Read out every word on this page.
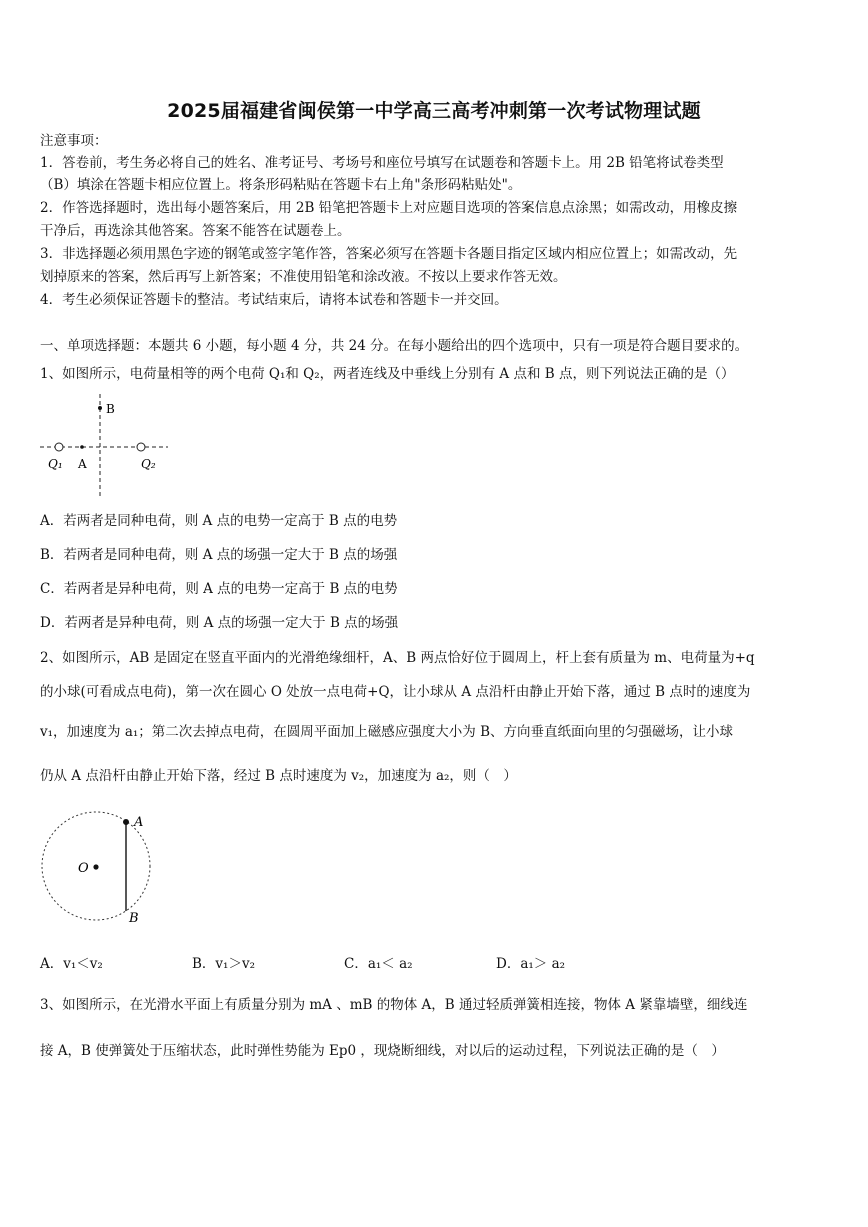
2025届福建省闽侯第一中学高三高考冲刺第一次考试物理试题
注意事项：
1．答卷前，考生务必将自己的姓名、准考证号、考场号和座位号填写在试题卷和答题卡上。用 2B 铅笔将试卷类型
（B）填涂在答题卡相应位置上。将条形码粘贴在答题卡右上角"条形码粘贴处"。
2．作答选择题时，选出每小题答案后，用 2B 铅笔把答题卡上对应题目选项的答案信息点涂黑；如需改动，用橡皮擦
干净后，再选涂其他答案。答案不能答在试题卷上。
3．非选择题必须用黑色字迹的钢笔或签字笔作答，答案必须写在答题卡各题目指定区域内相应位置上；如需改动，先
划掉原来的答案，然后再写上新答案；不准使用铅笔和涂改液。不按以上要求作答无效。
4．考生必须保证答题卡的整洁。考试结束后，请将本试卷和答题卡一并交回。
一、单项选择题：本题共 6 小题，每小题 4 分，共 24 分。在每小题给出的四个选项中，只有一项是符合题目要求的。
1、如图所示，电荷量相等的两个电荷 Q₁和 Q₂，两者连线及中垂线上分别有 A 点和 B 点，则下列说法正确的是（）
B
Q₁ A	Q₂
A．若两者是同种电荷，则 A 点的电势一定高于 B 点的电势
B．若两者是同种电荷，则 A 点的场强一定大于 B 点的场强
C．若两者是异种电荷，则 A 点的电势一定高于 B 点的电势
D．若两者是异种电荷，则 A 点的场强一定大于 B 点的场强
2、如图所示，AB 是固定在竖直平面内的光滑绝缘细杆，A、B 两点恰好位于圆周上，杆上套有质量为 m、电荷量为+q
的小球(可看成点电荷)，第一次在圆心 O 处放一点电荷+Q，让小球从 A 点沿杆由静止开始下落，通过 B 点时的速度为
v₁，加速度为 a₁；第二次去掉点电荷，在圆周平面加上磁感应强度大小为 B、方向垂直纸面向里的匀强磁场，让小球
仍从 A 点沿杆由静止开始下落，经过 B 点时速度为 v₂，加速度为 a₂，则（　）
A
O
B
A．v₁＜v₂	B．v₁＞v₂	C．a₁＜ a₂	D．a₁＞ a₂
3、如图所示，在光滑水平面上有质量分别为 mA 、mB 的物体 A，B 通过轻质弹簧相连接，物体 A 紧靠墙壁，细线连
接 A，B 使弹簧处于压缩状态，此时弹性势能为 Ep0 ，现烧断细线，对以后的运动过程，下列说法正确的是（　）
